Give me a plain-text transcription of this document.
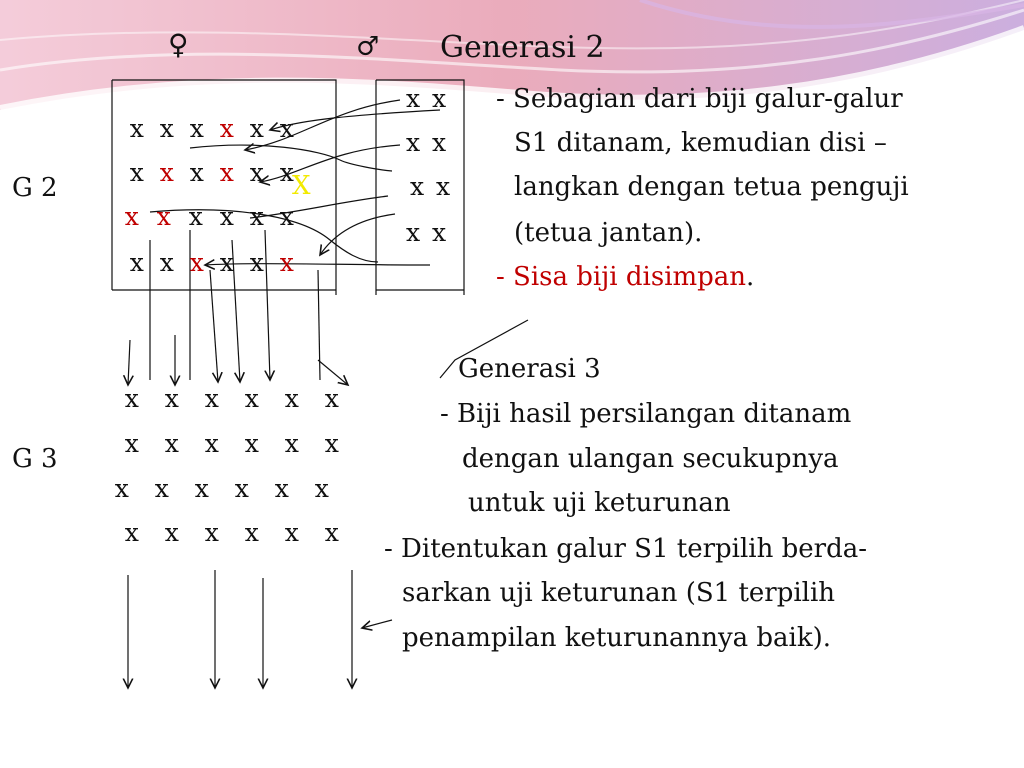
♀	♂ Generasi 2
G 2

x x x x x x

x x x x x x

x x x x x x

x x x x x x

X
x x
x x
x x
x x
- Sebagian dari biji galur-galur
S1 ditanam, kemudian disi –
langkan dengan tetua penguji
(tetua jantan).
- Sisa biji disimpan.
G 3

x x x x x x

x x x x x x

x x x x x x

x x x x x x

Generasi 3
- Biji hasil persilangan ditanam
dengan ulangan secukupnya
untuk uji keturunan
- Ditentukan galur S1 terpilih berda-
sarkan uji keturunan (S1 terpilih
penampilan keturunannya baik).
